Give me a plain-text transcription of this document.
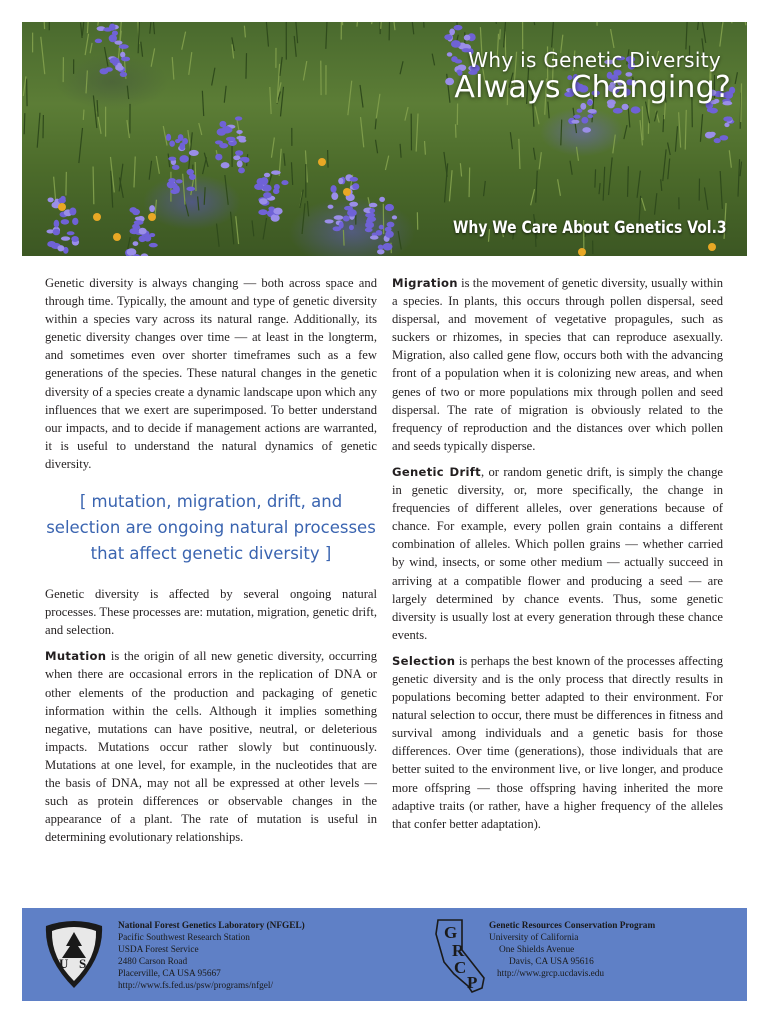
Why is Genetic Diversity
Always Changing?
Why We Care About Genetics Vol.3

Genetic diversity is always changing — both across space and through time. Typically, the amount and type of genetic diversity within a species vary across its natural range. Additionally, its genetic diversity changes over time — at least in the longterm, and sometimes even over shorter timeframes such as a few generations of the species. These natural changes in the genetic diversity of a species create a dynamic landscape upon which any influences that we exert are superimposed. To better understand our impacts, and to decide if management actions are warranted, it is useful to understand the natural dynamics of genetic diversity.

[ mutation, migration, drift, and selection are ongoing natural processes that affect genetic diversity ]

Genetic diversity is affected by several ongoing natural processes. These processes are: mutation, migration, genetic drift, and selection.

Mutation is the origin of all new genetic diversity, occurring when there are occasional errors in the replication of DNA or other elements of the production and packaging of genetic information within the cells. Although it implies something negative, mutations can have positive, neutral, or deleterious impacts. Mutations occur rather slowly but continuously. Mutations at one level, for example, in the nucleotides that are the basis of DNA, may not all be expressed at other levels — such as protein differences or observable changes in the appearance of a plant. The rate of mutation is useful in determining evolutionary relationships.

Migration is the movement of genetic diversity, usually within a species. In plants, this occurs through pollen dispersal, seed dispersal, and movement of vegetative propagules, such as suckers or rhizomes, in species that can reproduce asexually. Migration, also called gene flow, occurs both with the advancing front of a population when it is colonizing new areas, and when genes of two or more populations mix through pollen and seed dispersal. The rate of migration is obviously related to the frequency of reproduction and the distances over which pollen and seeds typically disperse.

Genetic Drift, or random genetic drift, is simply the change in genetic diversity, or, more specifically, the change in frequencies of different alleles, over generations because of chance. For example, every pollen grain contains a different combination of alleles. Which pollen grains — whether carried by wind, insects, or some other medium — actually succeed in arriving at a compatible flower and producing a seed — are largely determined by chance events. Thus, some genetic diversity is usually lost at every generation through these chance events.

Selection is perhaps the best known of the processes affecting genetic diversity and is the only process that directly results in populations becoming better adapted to their environment. For natural selection to occur, there must be differences in fitness and survival among individuals and a genetic basis for those differences. Over time (generations), those individuals that are better suited to the environment live, or live longer, and produce more offspring — those offspring having inherited the more adaptive traits (or rather, have a higher frequency of the alleles that confer better adaptation).

U S
National Forest Genetics Laboratory (NFGEL)
Pacific Southwest Research Station
USDA Forest Service
2480 Carson Road
Placerville, CA USA 95667
http://www.fs.fed.us/psw/programs/nfgel/
G
R
C
P
Genetic Resources Conservation Program
University of California
One Shields Avenue
Davis, CA USA 95616
http://www.grcp.ucdavis.edu
